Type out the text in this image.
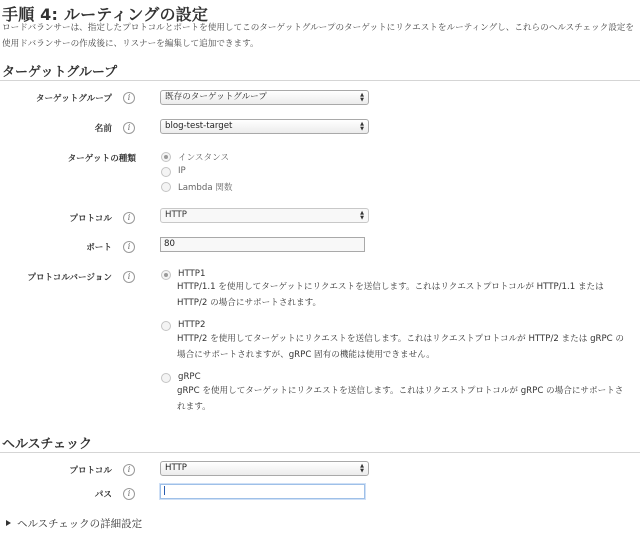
手順 4: ルーティングの設定
ロードバランサーは、指定したプロトコルとポートを使用してこのターゲットグループのターゲットにリクエストをルーティングし、これらのヘルスチェック設定を使用ドバランサーの作成後に、リスナーを編集して追加できます。
ターゲットグループ
ターゲットグループ	i	既存のターゲットグループ	▲
▼
名前	i	blog-test-target	▲
▼
ターゲットの種類	インスタンス
IP
Lambda 関数
プロトコル	i	HTTP	▲
▼
ポート	i	80
プロトコルバージョン	i	HTTP1
HTTP/1.1 を使用してターゲットにリクエストを送信します。これはリクエストプロトコルが HTTP/1.1 または
HTTP/2 の場合にサポートされます。
HTTP2
HTTP/2 を使用してターゲットにリクエストを送信します。これはリクエストプロトコルが HTTP/2 または gRPC の
場合にサポートされますが、gRPC 固有の機能は使用できません。
gRPC
gRPC を使用してターゲットにリクエストを送信します。これはリクエストプロトコルが gRPC の場合にサポートさ
れます。
ヘルスチェック
プロトコル	i	HTTP	▲
▼
パス	i
ヘルスチェックの詳細設定
